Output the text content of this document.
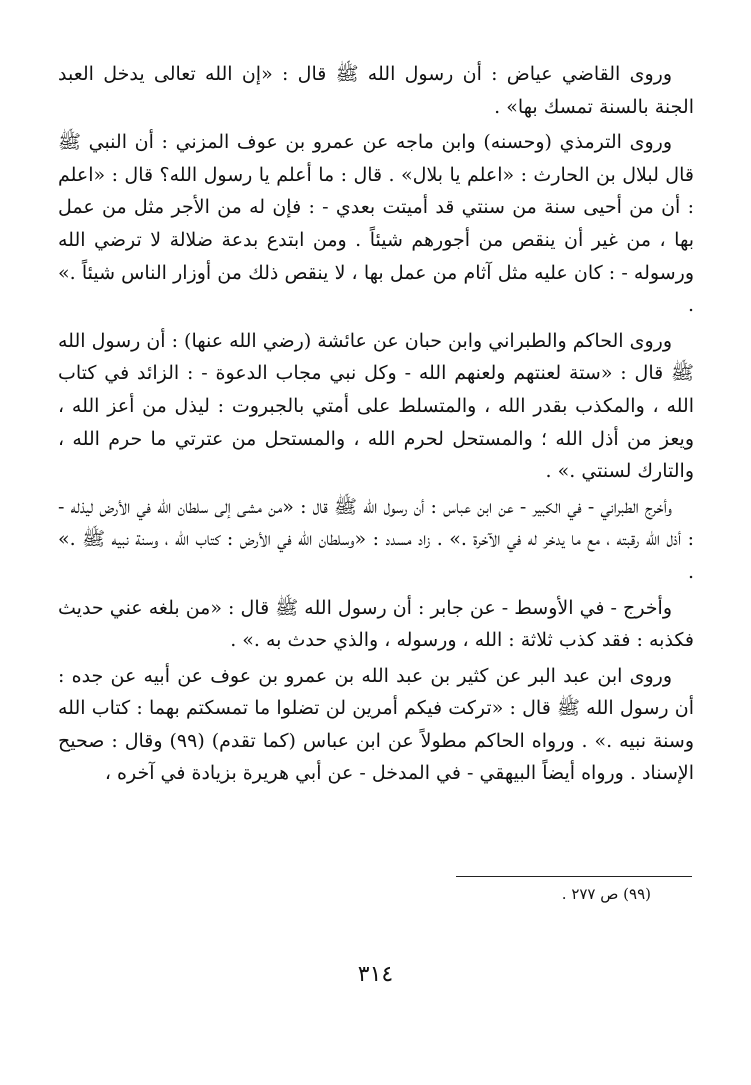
وروى القاضي عياض : أن رسول الله ﷺ قال : «إن الله تعالى يدخل العبد الجنة بالسنة تمسك بها» .

وروى الترمذي (وحسنه) وابن ماجه عن عمرو بن عوف المزني : أن النبي ﷺ قال لبلال بن الحارث : «اعلم يا بلال» . قال : ما أعلم يا رسول الله؟ قال : «اعلم : أن من أحيى سنة من سنتي قد أميتت بعدي - : فإن له من الأجر مثل من عمل بها ، من غير أن ينقص من أجورهم شيئاً . ومن ابتدع بدعة ضلالة لا ترضي الله ورسوله - : كان عليه مثل آثام من عمل بها ، لا ينقص ذلك من أوزار الناس شيئاً .» .

وروى الحاكم والطبراني وابن حبان عن عائشة (رضي الله عنها) : أن رسول الله ﷺ قال : «ستة لعنتهم ولعنهم الله - وكل نبي مجاب الدعوة - : الزائد في كتاب الله ، والمكذب بقدر الله ، والمتسلط على أمتي بالجبروت : ليذل من أعز الله ، ويعز من أذل الله ؛ والمستحل لحرم الله ، والمستحل من عترتي ما حرم الله ، والتارك لسنتي .» .

وأخرج الطبراني - في الكبير - عن ابن عباس : أن رسول الله ﷺ قال : «من مشى إلى سلطان الله في الأرض ليذله - : أذل الله رقبته ، مع ما يدخر له في الآخرة .» . زاد مسدد : «وسلطان الله في الأرض : كتاب الله ، وسنة نبيه ﷺ .» .

وأخرج - في الأوسط - عن جابر : أن رسول الله ﷺ قال : «من بلغه عني حديث فكذبه : فقد كذب ثلاثة : الله ، ورسوله ، والذي حدث به .» .

وروى ابن عبد البر عن كثير بن عبد الله بن عمرو بن عوف عن أبيه عن جده : أن رسول الله ﷺ قال : «تركت فيكم أمرين لن تضلوا ما تمسكتم بهما : كتاب الله وسنة نبيه .» . ورواه الحاكم مطولاً عن ابن عباس (كما تقدم) (٩٩) وقال : صحيح الإسناد . ورواه أيضاً البيهقي - في المدخل - عن أبي هريرة بزيادة في آخره ،

(٩٩) ص ٢٧٧ .
٣١٤
